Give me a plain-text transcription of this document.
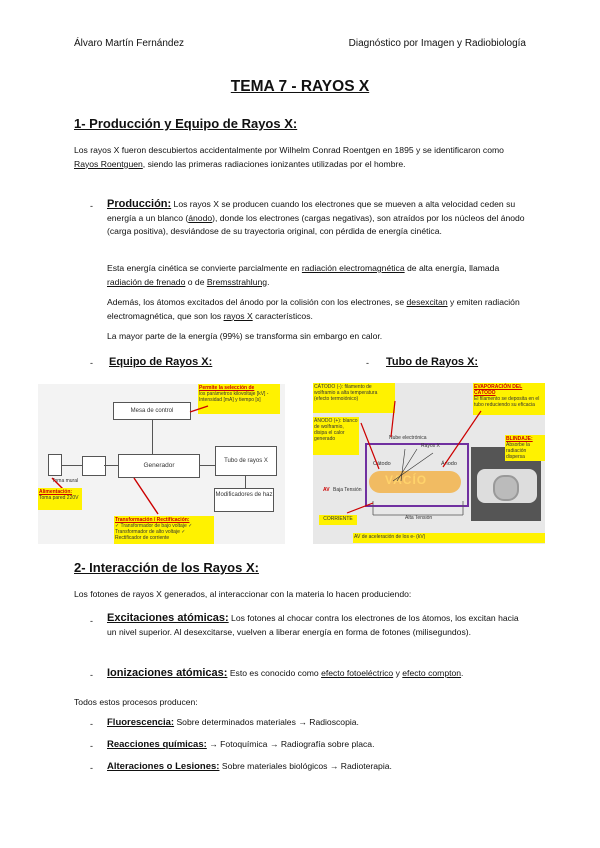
Álvaro Martín Fernández	Diagnóstico por Imagen y Radiobiología
TEMA 7 - RAYOS X
1- Producción y Equipo de Rayos X:
Los rayos X fueron descubiertos accidentalmente por Wilhelm Conrad Roentgen en 1895 y se identificaron como Rayos Roentguen, siendo las primeras radiaciones ionizantes utilizadas por el hombre.
- Producción: Los rayos X se producen cuando los electrones que se mueven a alta velocidad ceden su energía a un blanco (ánodo), donde los electrones (cargas negativas), son atraídos por los núcleos del ánodo (carga positiva), desviándose de su trayectoria original, con pérdida de energía cinética.
Esta energía cinética se convierte parcialmente en radiación electromagnética de alta energía, llamada radiación de frenado o de Bremsstrahlung.
Además, los átomos excitados del ánodo por la colisión con los electrones, se desexcitan y emiten radiación electromagnética, que son los rayos X característicos.
La mayor parte de la energía (99%) se transforma sin embargo en calor.
- Equipo de Rayos X:	- Tubo de Rayos X:
Permite la selección de
los parámetros kilovoltaje [kV] - Intensidad [mA] y tiempo [s]
Mesa de control
Generador
Tubo de rayos X
Modificadores de haz
Toma mural
Alimentación:
Toma pared 220V
Transformación / Rectificación:
✓ Transformador de bajo voltaje ✓ Transformador de alto voltaje ✓ Rectificador de corriente
CÁTODO (-): filamento de wolframio a alta temperatura (efecto termoiónico)
EVAPORACIÓN DEL CÁTODO
El filamento se deposita en el tubo reduciendo su eficacia
ÁNODO (+): blanco de wolframio, disipa el calor generado
VACÍO
Nube electrónica
Rayos X
Cátodo	Ánodo
Baja Tensión
Alta Tensión
AV
BLINDAJE: Absorbe la radiación dispersa
CORRIENTE
AV de aceleración de los e- (kV)
2- Interacción de los Rayos X:
Los fotones de rayos X generados, al interaccionar con la materia lo hacen produciendo:
- Excitaciones atómicas: Los fotones al chocar contra los electrones de los átomos, los excitan hacia un nivel superior. Al desexcitarse, vuelven a liberar energía en forma de fotones (milisegundos).
- Ionizaciones atómicas: Esto es conocido como efecto fotoeléctrico y efecto compton.
Todos estos procesos producen:
- Fluorescencia: Sobre determinados materiales → Radioscopia.
- Reacciones químicas: → Fotoquímica → Radiografía sobre placa.
- Alteraciones o Lesiones: Sobre materiales biológicos → Radioterapia.
